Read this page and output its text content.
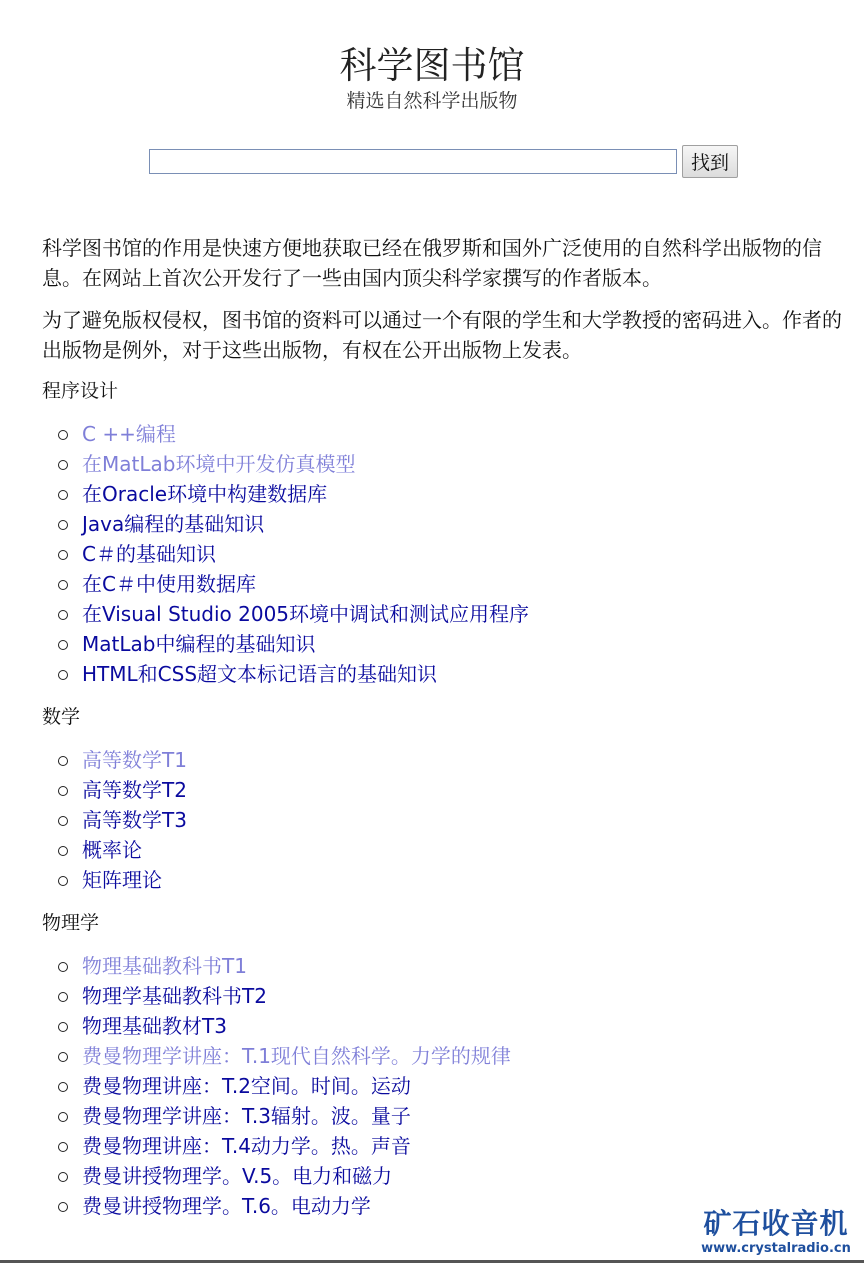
科学图书馆
精选自然科学出版物
找到

科学图书馆的作用是快速方便地获取已经在俄罗斯和国外广泛使用的自然科学出版物的信息。在网站上首次公开发行了一些由国内顶尖科学家撰写的作者版本。

为了避免版权侵权，图书馆的资料可以通过一个有限的学生和大学教授的密码进入。作者的出版物是例外，对于这些出版物，有权在公开出版物上发表。

程序设计
C ++编程
在MatLab环境中开发仿真模型
在Oracle环境中构建数据库
Java编程的基础知识
C＃的基础知识
在C＃中使用数据库
在Visual Studio 2005环境中调试和测试应用程序
MatLab中编程的基础知识
HTML和CSS超文本标记语言的基础知识
数学
高等数学T1
高等数学T2
高等数学T3
概率论
矩阵理论
物理学
物理基础教科书T1
物理学基础教科书T2
物理基础教材T3
费曼物理学讲座：T.1现代自然科学。力学的规律
费曼物理讲座：T.2空间。时间。运动
费曼物理学讲座：T.3辐射。波。量子
费曼物理讲座：T.4动力学。热。声音
费曼讲授物理学。V.5。电力和磁力
费曼讲授物理学。T.6。电动力学
矿石收音机
www.crystalradio.cn
